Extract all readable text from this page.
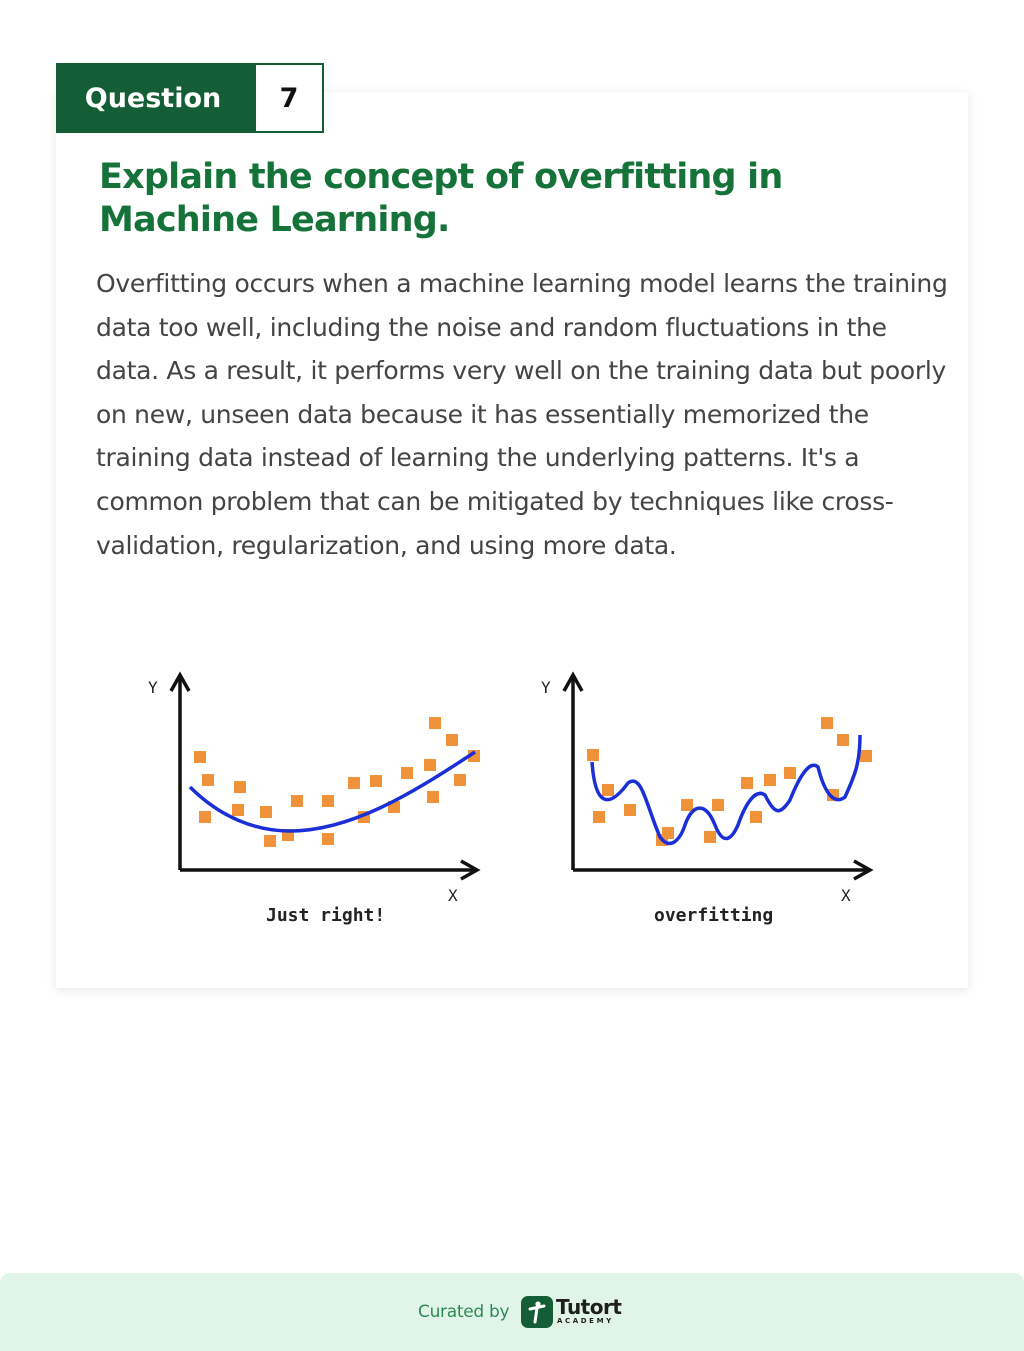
Question	7
Explain the concept of overfitting in Machine Learning.

Overfitting occurs when a machine learning model learns the training data too well, including the noise and random fluctuations in the data. As a result, it performs very well on the training data but poorly on new, unseen data because it has essentially memorized the training data instead of learning the underlying patterns. It's a common problem that can be mitigated by techniques like cross-validation, regularization, and using more data.

Y
X
Y
X
Just right!	overfitting
Curated by Tutort
ACADEMY
